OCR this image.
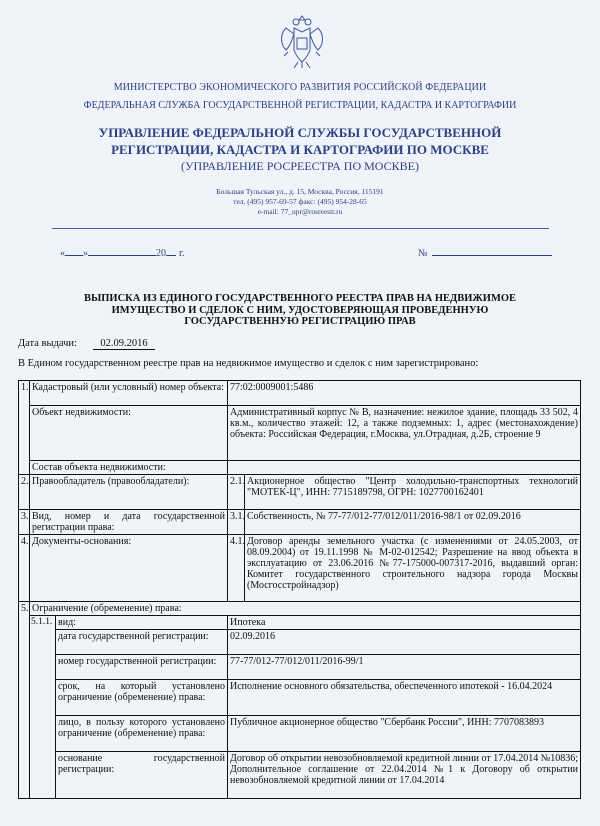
МИНИСТЕРСТВО ЭКОНОМИЧЕСКОГО РАЗВИТИЯ РОССИЙСКОЙ ФЕДЕРАЦИИ
ФЕДЕРАЛЬНАЯ СЛУЖБА ГОСУДАРСТВЕННОЙ РЕГИСТРАЦИИ, КАДАСТРА И КАРТОГРАФИИ
УПРАВЛЕНИЕ ФЕДЕРАЛЬНОЙ СЛУЖБЫ ГОСУДАРСТВЕННОЙ
РЕГИСТРАЦИИ, КАДАСТРА И КАРТОГРАФИИ ПО МОСКВЕ
(УПРАВЛЕНИЕ РОСРЕЕСТРА ПО МОСКВЕ)
Большая Тульская ул., д. 15, Москва, Россия, 115191
тел. (495) 957-69-57 факс: (495) 954-28-65
e-mail: 77_upr@rosreestr.ru
« »	20 г.	№
ВЫПИСКА ИЗ ЕДИНОГО ГОСУДАРСТВЕННОГО РЕЕСТРА ПРАВ НА НЕДВИЖИМОЕ
ИМУЩЕСТВО И СДЕЛОК С НИМ, УДОСТОВЕРЯЮЩАЯ ПРОВЕДЕННУЮ
ГОСУДАРСТВЕННУЮ РЕГИСТРАЦИЮ ПРАВ
Дата выдачи: 02.09.2016
В Едином государственном реестре прав на недвижимое имущество и сделок с ним зарегистрировано:
1.	Кадастровый (или условный) номер объекта:		77:02:0009001:5486	
	Объект недвижимости:		Административный корпус № В, назначение: нежилое здание, площадь 33 502, 4 кв.м., количество этажей: 12, а также подземных: 1, адрес (местонахождение) объекта: Российская Федерация, г.Москва, ул.Отрадная, д.2Б, строение 9	
	Состав объекта недвижимости:			
2.	Правообладатель (правообладатели):		2.1.	Акционерное общество "Центр холодильно-транспортных технологий "МОТЕК-Ц", ИНН: 7715189798, ОГРН: 1027700162401
3.	Вид, номер и дата государственной регистрации права:		3.1.	Собственность, № 77-77/012-77/012/011/2016-98/1 от 02.09.2016
4.	Документы-основания:		4.1.	Договор аренды земельного участка (с изменениями от 24.05.2003, от 08.09.2004) от 19.11.1998 № М-02-012542; Разрешение на ввод объекта в эксплуатацию от 23.06.2016 №77-175000-007317-2016, выдавший орган: Комитет государственного строительного надзора города Москвы (Мосгосстройнадзор)
5.	Ограничение (обременение) права:			
	5.1.1.	вид:	Ипотека	
		дата государственной регистрации:	02.09.2016	
		номер государственной регистрации:	77-77/012-77/012/011/2016-99/1	
		срок, на который установлено ограничение (обременение) права:	Исполнение основного обязательства, обеспеченного ипотекой - 16.04.2024	
		лицо, в пользу которого установлено ограничение (обременение) права:	Публичное акционерное общество "Сбербанк России", ИНН: 7707083893	
		основание государственной регистрации:	Договор об открытии невозобновляемой кредитной линии от 17.04.2014 №10836; Дополнительное соглашение от 22.04.2014 №1 к Договору об открытии невозобновляемой кредитной линии от 17.04.2014	
